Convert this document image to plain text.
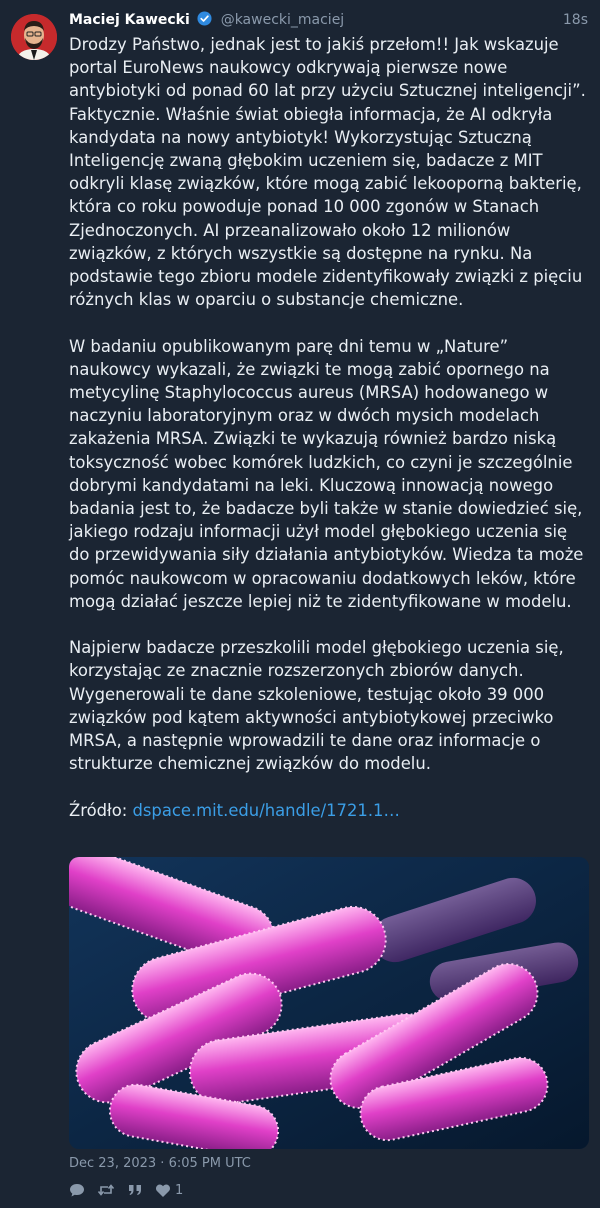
Maciej Kawecki @kawecki_maciej	18s

Drodzy Państwo, jednak jest to jakiś przełom!! Jak wskazuje portal EuroNews naukowcy odkrywają pierwsze nowe antybiotyki od ponad 60 lat przy użyciu Sztucznej inteligencji”. Faktycznie. Właśnie świat obiegła informacja, że AI odkryła kandydata na nowy antybiotyk! Wykorzystując Sztuczną Inteligencję zwaną głębokim uczeniem się, badacze z MIT odkryli klasę związków, które mogą zabić lekooporną bakterię, która co roku powoduje ponad 10 000 zgonów w Stanach Zjednoczonych. AI przeanalizowało około 12 milionów związków, z których wszystkie są dostępne na rynku. Na podstawie tego zbioru modele zidentyfikowały związki z pięciu różnych klas w oparciu o substancje chemiczne.

W badaniu opublikowanym parę dni temu w „Nature” naukowcy wykazali, że związki te mogą zabić opornego na metycylinę Staphylococcus aureus (MRSA) hodowanego w naczyniu laboratoryjnym oraz w dwóch mysich modelach zakażenia MRSA. Związki te wykazują również bardzo niską toksyczność wobec komórek ludzkich, co czyni je szczególnie dobrymi kandydatami na leki. Kluczową innowacją nowego badania jest to, że badacze byli także w stanie dowiedzieć się, jakiego rodzaju informacji użył model głębokiego uczenia się do przewidywania siły działania antybiotyków. Wiedza ta może pomóc naukowcom w opracowaniu dodatkowych leków, które mogą działać jeszcze lepiej niż te zidentyfikowane w modelu.

Najpierw badacze przeszkolili model głębokiego uczenia się, korzystając ze znacznie rozszerzonych zbiorów danych. Wygenerowali te dane szkoleniowe, testując około 39 000 związków pod kątem aktywności antybiotykowej przeciwko MRSA, a następnie wprowadzili te dane oraz informacje o strukturze chemicznej związków do modelu.

Źródło: dspace.mit.edu/handle/1721.1…

Dec 23, 2023 · 6:05 PM UTC
1
